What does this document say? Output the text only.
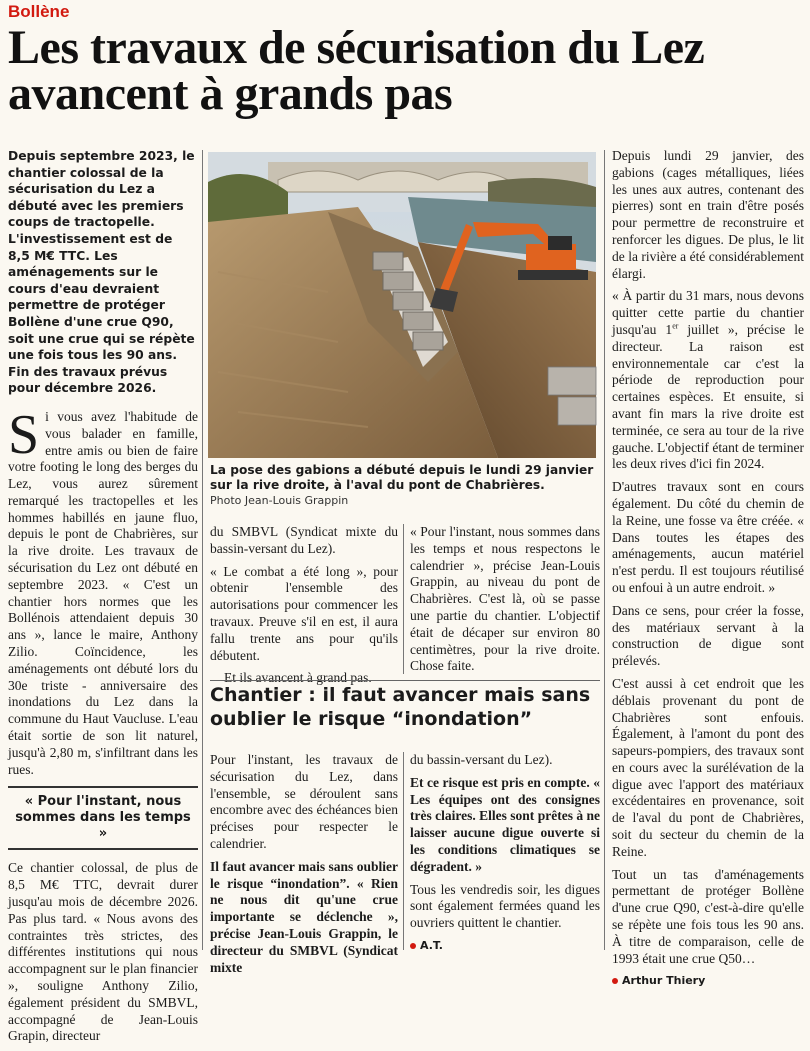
Bollène
Les travaux de sécurisation du Lez avancent à grands pas

Depuis septembre 2023, le chantier colossal de la sécurisation du Lez a débuté avec les premiers coups de tractopelle. L'investissement est de 8,5 M€ TTC. Les aménagements sur le cours d'eau devraient permettre de protéger Bollène d'une crue Q90, soit une crue qui se répète une fois tous les 90 ans. Fin des travaux prévus pour décembre 2026.

Si vous avez l'habitude de vous balader en famille, entre amis ou bien de faire votre footing le long des berges du Lez, vous aurez sûrement remarqué les tractopelles et les hommes habillés en jaune fluo, depuis le pont de Chabrières, sur la rive droite. Les travaux de sécurisation du Lez ont débuté en septembre 2023. « C'est un chantier hors normes que les Bollénois attendaient depuis 30 ans », lance le maire, Anthony Zilio. Coïncidence, les aménagements ont débuté lors du 30e triste - anniversaire des inondations du Lez dans la commune du Haut Vaucluse. L'eau était sortie de son lit naturel, jusqu'à 2,80 m, s'infiltrant dans les rues.

« Pour l'instant, nous sommes dans les temps »

Ce chantier colossal, de plus de 8,5 M€ TTC, devrait durer jusqu'au mois de décembre 2026. Pas plus tard. « Nous avons des contraintes très strictes, des différentes institutions qui nous accompagnent sur le plan financier », souligne Anthony Zilio, également président du SMBVL, accompagné de Jean-Louis Grapin, directeur

La pose des gabions a débuté depuis le lundi 29 janvier sur la rive droite, à l'aval du pont de Chabrières.
Photo Jean-Louis Grappin

du SMBVL (Syndicat mixte du bassin-versant du Lez).

« Le combat a été long », pour obtenir l'ensemble des autorisations pour commencer les travaux. Preuve s'il en est, il aura fallu trente ans pour qu'ils débutent.

Et ils avancent à grand pas.

« Pour l'instant, nous sommes dans les temps et nous respectons le calendrier », précise Jean-Louis Grappin, au niveau du pont de Chabrières. C'est là, où se passe une partie du chantier. L'objectif était de décaper sur environ 80 centimètres, pour la rive droite. Chose faite.

Chantier : il faut avancer mais sans oublier le risque “inondation”

Pour l'instant, les travaux de sécurisation du Lez, dans l'ensemble, se déroulent sans encombre avec des échéances bien précises pour respecter le calendrier.

Il faut avancer mais sans oublier le risque “inondation”. « Rien ne nous dit qu'une crue importante se déclenche », précise Jean-Louis Grappin, le directeur du SMBVL (Syndicat mixte

du bassin-versant du Lez).

Et ce risque est pris en compte. « Les équipes ont des consignes très claires. Elles sont prêtes à ne laisser aucune digue ouverte si les conditions climatiques se dégradent. »

Tous les vendredis soir, les digues sont également fermées quand les ouvriers quittent le chantier.

A.T.

Depuis lundi 29 janvier, des gabions (cages métalliques, liées les unes aux autres, contenant des pierres) sont en train d'être posés pour permettre de reconstruire et renforcer les digues. De plus, le lit de la rivière a été considérablement élargi.

« À partir du 31 mars, nous devons quitter cette partie du chantier jusqu'au 1er juillet », précise le directeur. La raison est environnementale car c'est la période de reproduction pour certaines espèces. Et ensuite, si avant fin mars la rive droite est terminée, ce sera au tour de la rive gauche. L'objectif étant de terminer les deux rives d'ici fin 2024.

D'autres travaux sont en cours également. Du côté du chemin de la Reine, une fosse va être créée. « Dans toutes les étapes des aménagements, aucun matériel n'est perdu. Il est toujours réutilisé ou enfoui à un autre endroit. »

Dans ce sens, pour créer la fosse, des matériaux servant à la construction de digue sont prélevés.

C'est aussi à cet endroit que les déblais provenant du pont de Chabrières sont enfouis. Également, à l'amont du pont des sapeurs-pompiers, des travaux sont en cours avec la surélévation de la digue avec l'apport des matériaux excédentaires en provenance, soit de l'aval du pont de Chabrières, soit du secteur du chemin de la Reine.

Tout un tas d'aménagements permettant de protéger Bollène d'une crue Q90, c'est-à-dire qu'elle se répète une fois tous les 90 ans. À titre de comparaison, celle de 1993 était une crue Q50…

Arthur Thiery
